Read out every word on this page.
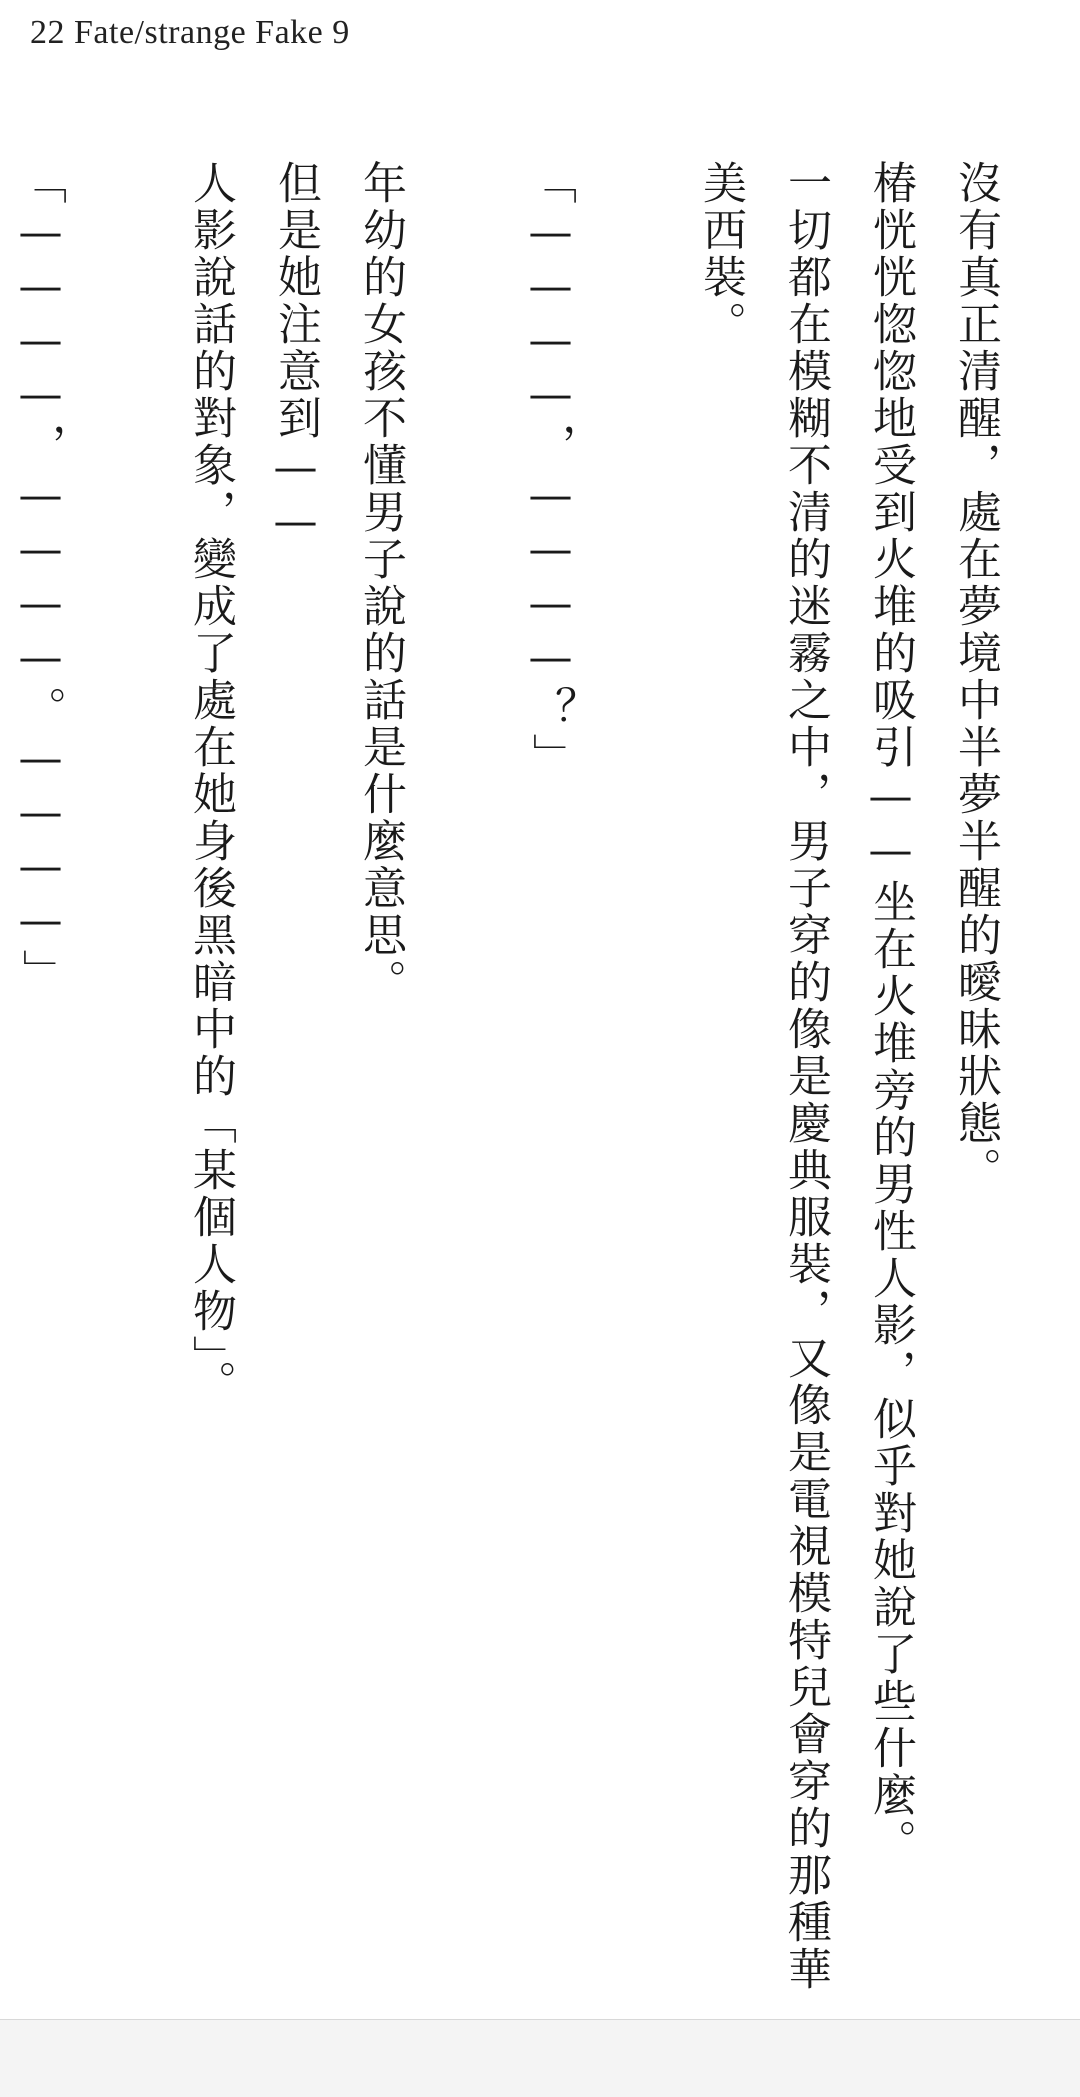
22 Fate/strange Fake 9

沒有真正清醒，處在夢境中半夢半醒的曖昧狀態。

椿恍恍惚惚地受到火堆的吸引——坐在火堆旁的男性人影，似乎對她說了些什麼。

一切都在模糊不清的迷霧之中，男子穿的像是慶典服裝，又像是電視模特兒會穿的那種華美西裝。

「————，————？」

年幼的女孩不懂男子說的話是什麼意思。

但是她注意到——

人影說話的對象，變成了處在她身後黑暗中的「某個人物」。

「————，————。————」
